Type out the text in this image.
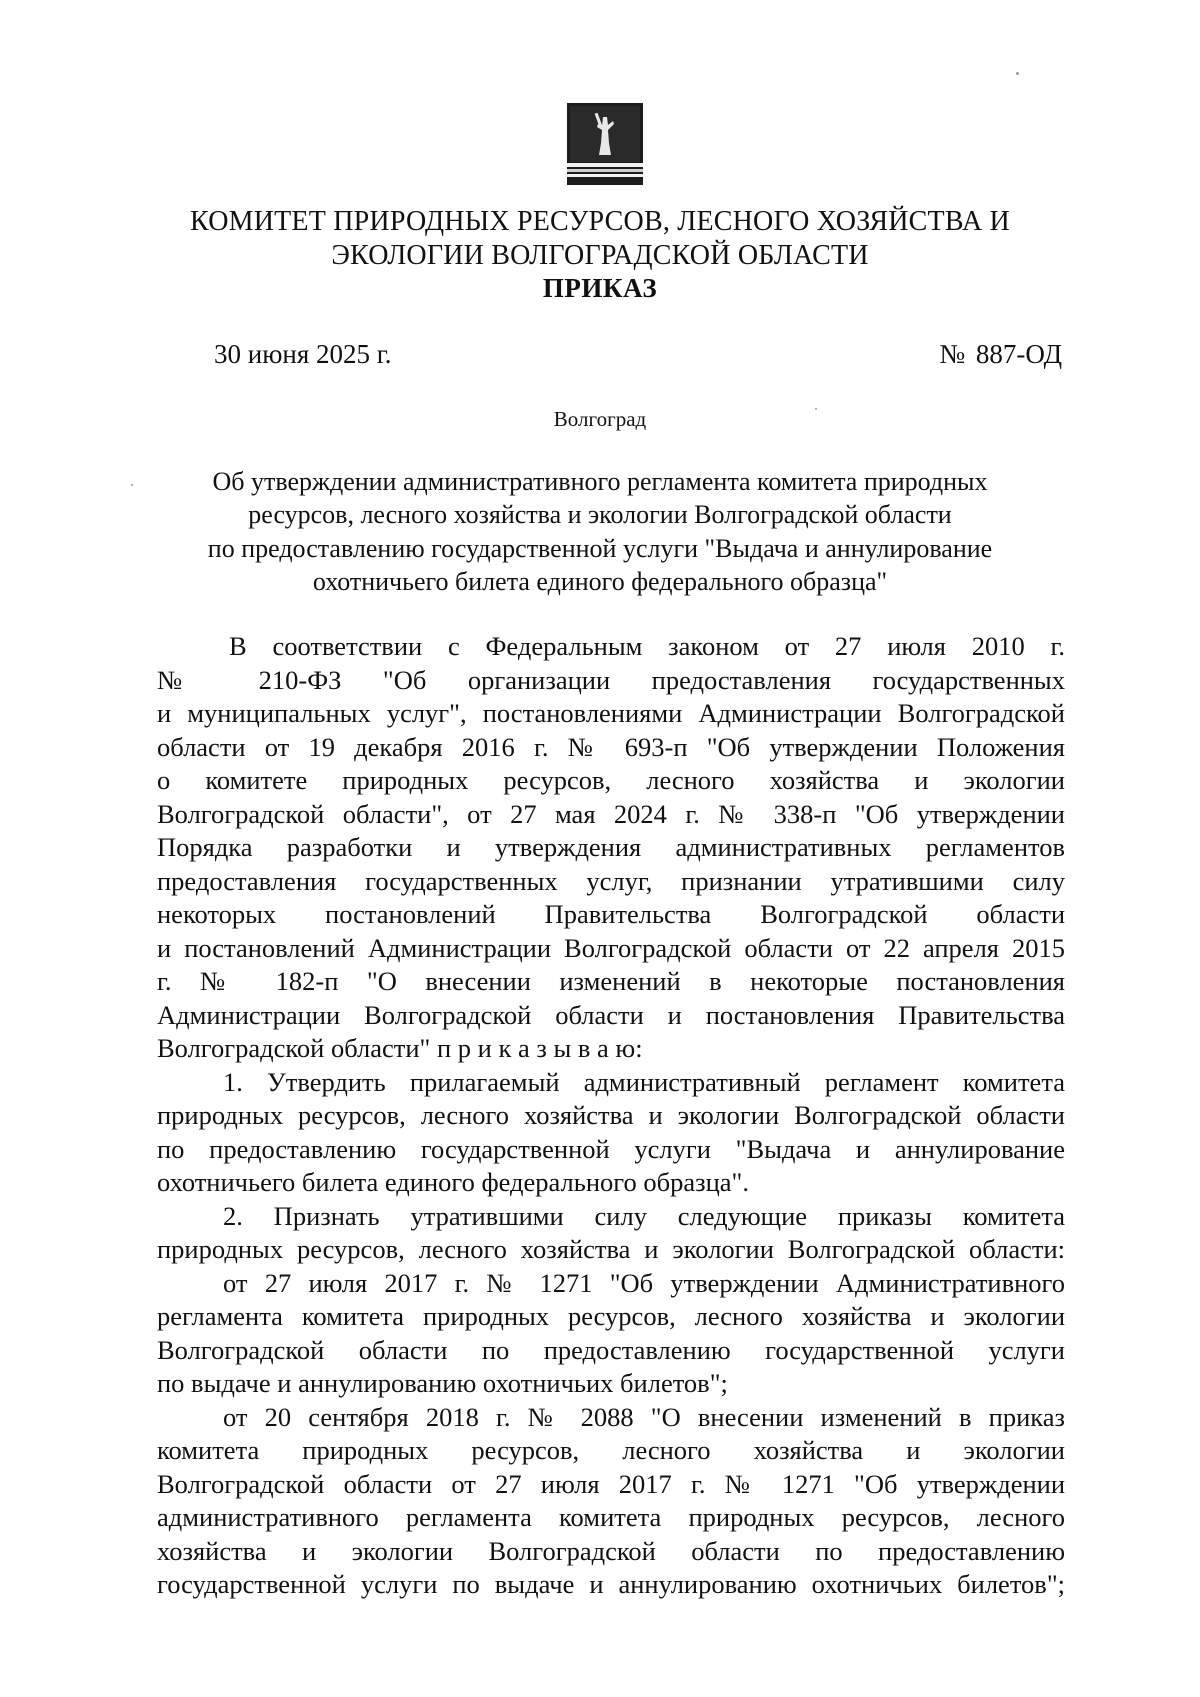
КОМИТЕТ ПРИРОДНЫХ РЕСУРСОВ, ЛЕСНОГО ХОЗЯЙСТВА И
ЭКОЛОГИИ ВОЛГОГРАДСКОЙ ОБЛАСТИ
ПРИКАЗ
30 июня 2025 г.	№ 887-ОД
Волгоград
Об утверждении административного регламента комитета природных
ресурсов, лесного хозяйства и экологии Волгоградской области
по предоставлению государственной услуги "Выдача и аннулирование
охотничьего билета единого федерального образца"
В соответствии с Федеральным законом от 27 июля 2010 г.
№ 210-ФЗ "Об организации предоставления государственных
и муниципальных услуг", постановлениями Администрации Волгоградской
области от 19 декабря 2016 г. № 693-п "Об утверждении Положения
о комитете природных ресурсов, лесного хозяйства и экологии
Волгоградской области", от 27 мая 2024 г. № 338-п "Об утверждении
Порядка разработки и утверждения административных регламентов
предоставления государственных услуг, признании утратившими силу
некоторых постановлений Правительства Волгоградской области
и постановлений Администрации Волгоградской области от 22 апреля 2015
г. № 182-п "О внесении изменений в некоторые постановления
Администрации Волгоградской области и постановления Правительства
Волгоградской области" п р и к а з ы в а ю:
1. Утвердить прилагаемый административный регламент комитета
природных ресурсов, лесного хозяйства и экологии Волгоградской области
по предоставлению государственной услуги "Выдача и аннулирование
охотничьего билета единого федерального образца".
2. Признать утратившими силу следующие приказы комитета
природных ресурсов, лесного хозяйства и экологии Волгоградской области:
от 27 июля 2017 г. № 1271 "Об утверждении Административного
регламента комитета природных ресурсов, лесного хозяйства и экологии
Волгоградской области по предоставлению государственной услуги
по выдаче и аннулированию охотничьих билетов";
от 20 сентября 2018 г. № 2088 "О внесении изменений в приказ
комитета природных ресурсов, лесного хозяйства и экологии
Волгоградской области от 27 июля 2017 г. № 1271 "Об утверждении
административного регламента комитета природных ресурсов, лесного
хозяйства и экологии Волгоградской области по предоставлению
государственной услуги по выдаче и аннулированию охотничьих билетов";
